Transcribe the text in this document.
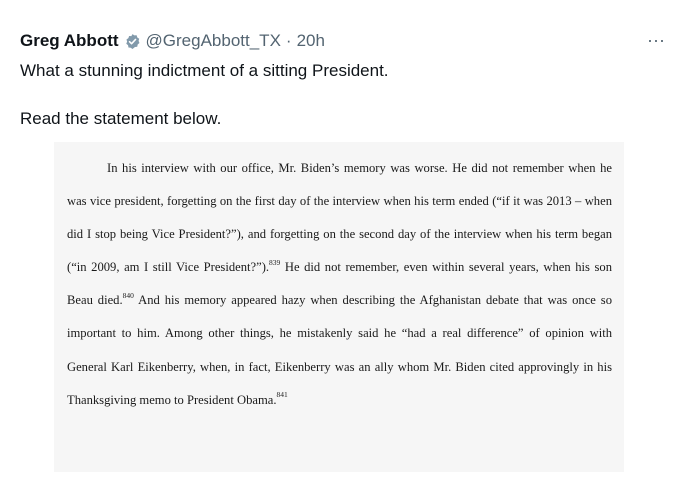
Greg Abbott @GregAbbott_TX · 20h	···
What a stunning indictment of a sitting President.
Read the statement below.

In his interview with our office, Mr. Biden’s memory was worse. He did not remember when he was vice president, forgetting on the first day of the interview when his term ended (“if it was 2013 – when did I stop being Vice President?”), and forgetting on the second day of the interview when his term began (“in 2009, am I still Vice President?”).$^{839}$ He did not remember, even within several years, when his son Beau died.$^{840}$ And his memory appeared hazy when describing the Afghanistan debate that was once so important to him. Among other things, he mistakenly said he “had a real difference” of opinion with General Karl Eikenberry, when, in fact, Eikenberry was an ally whom Mr. Biden cited approvingly in his Thanksgiving memo to President Obama.$^{841}$
